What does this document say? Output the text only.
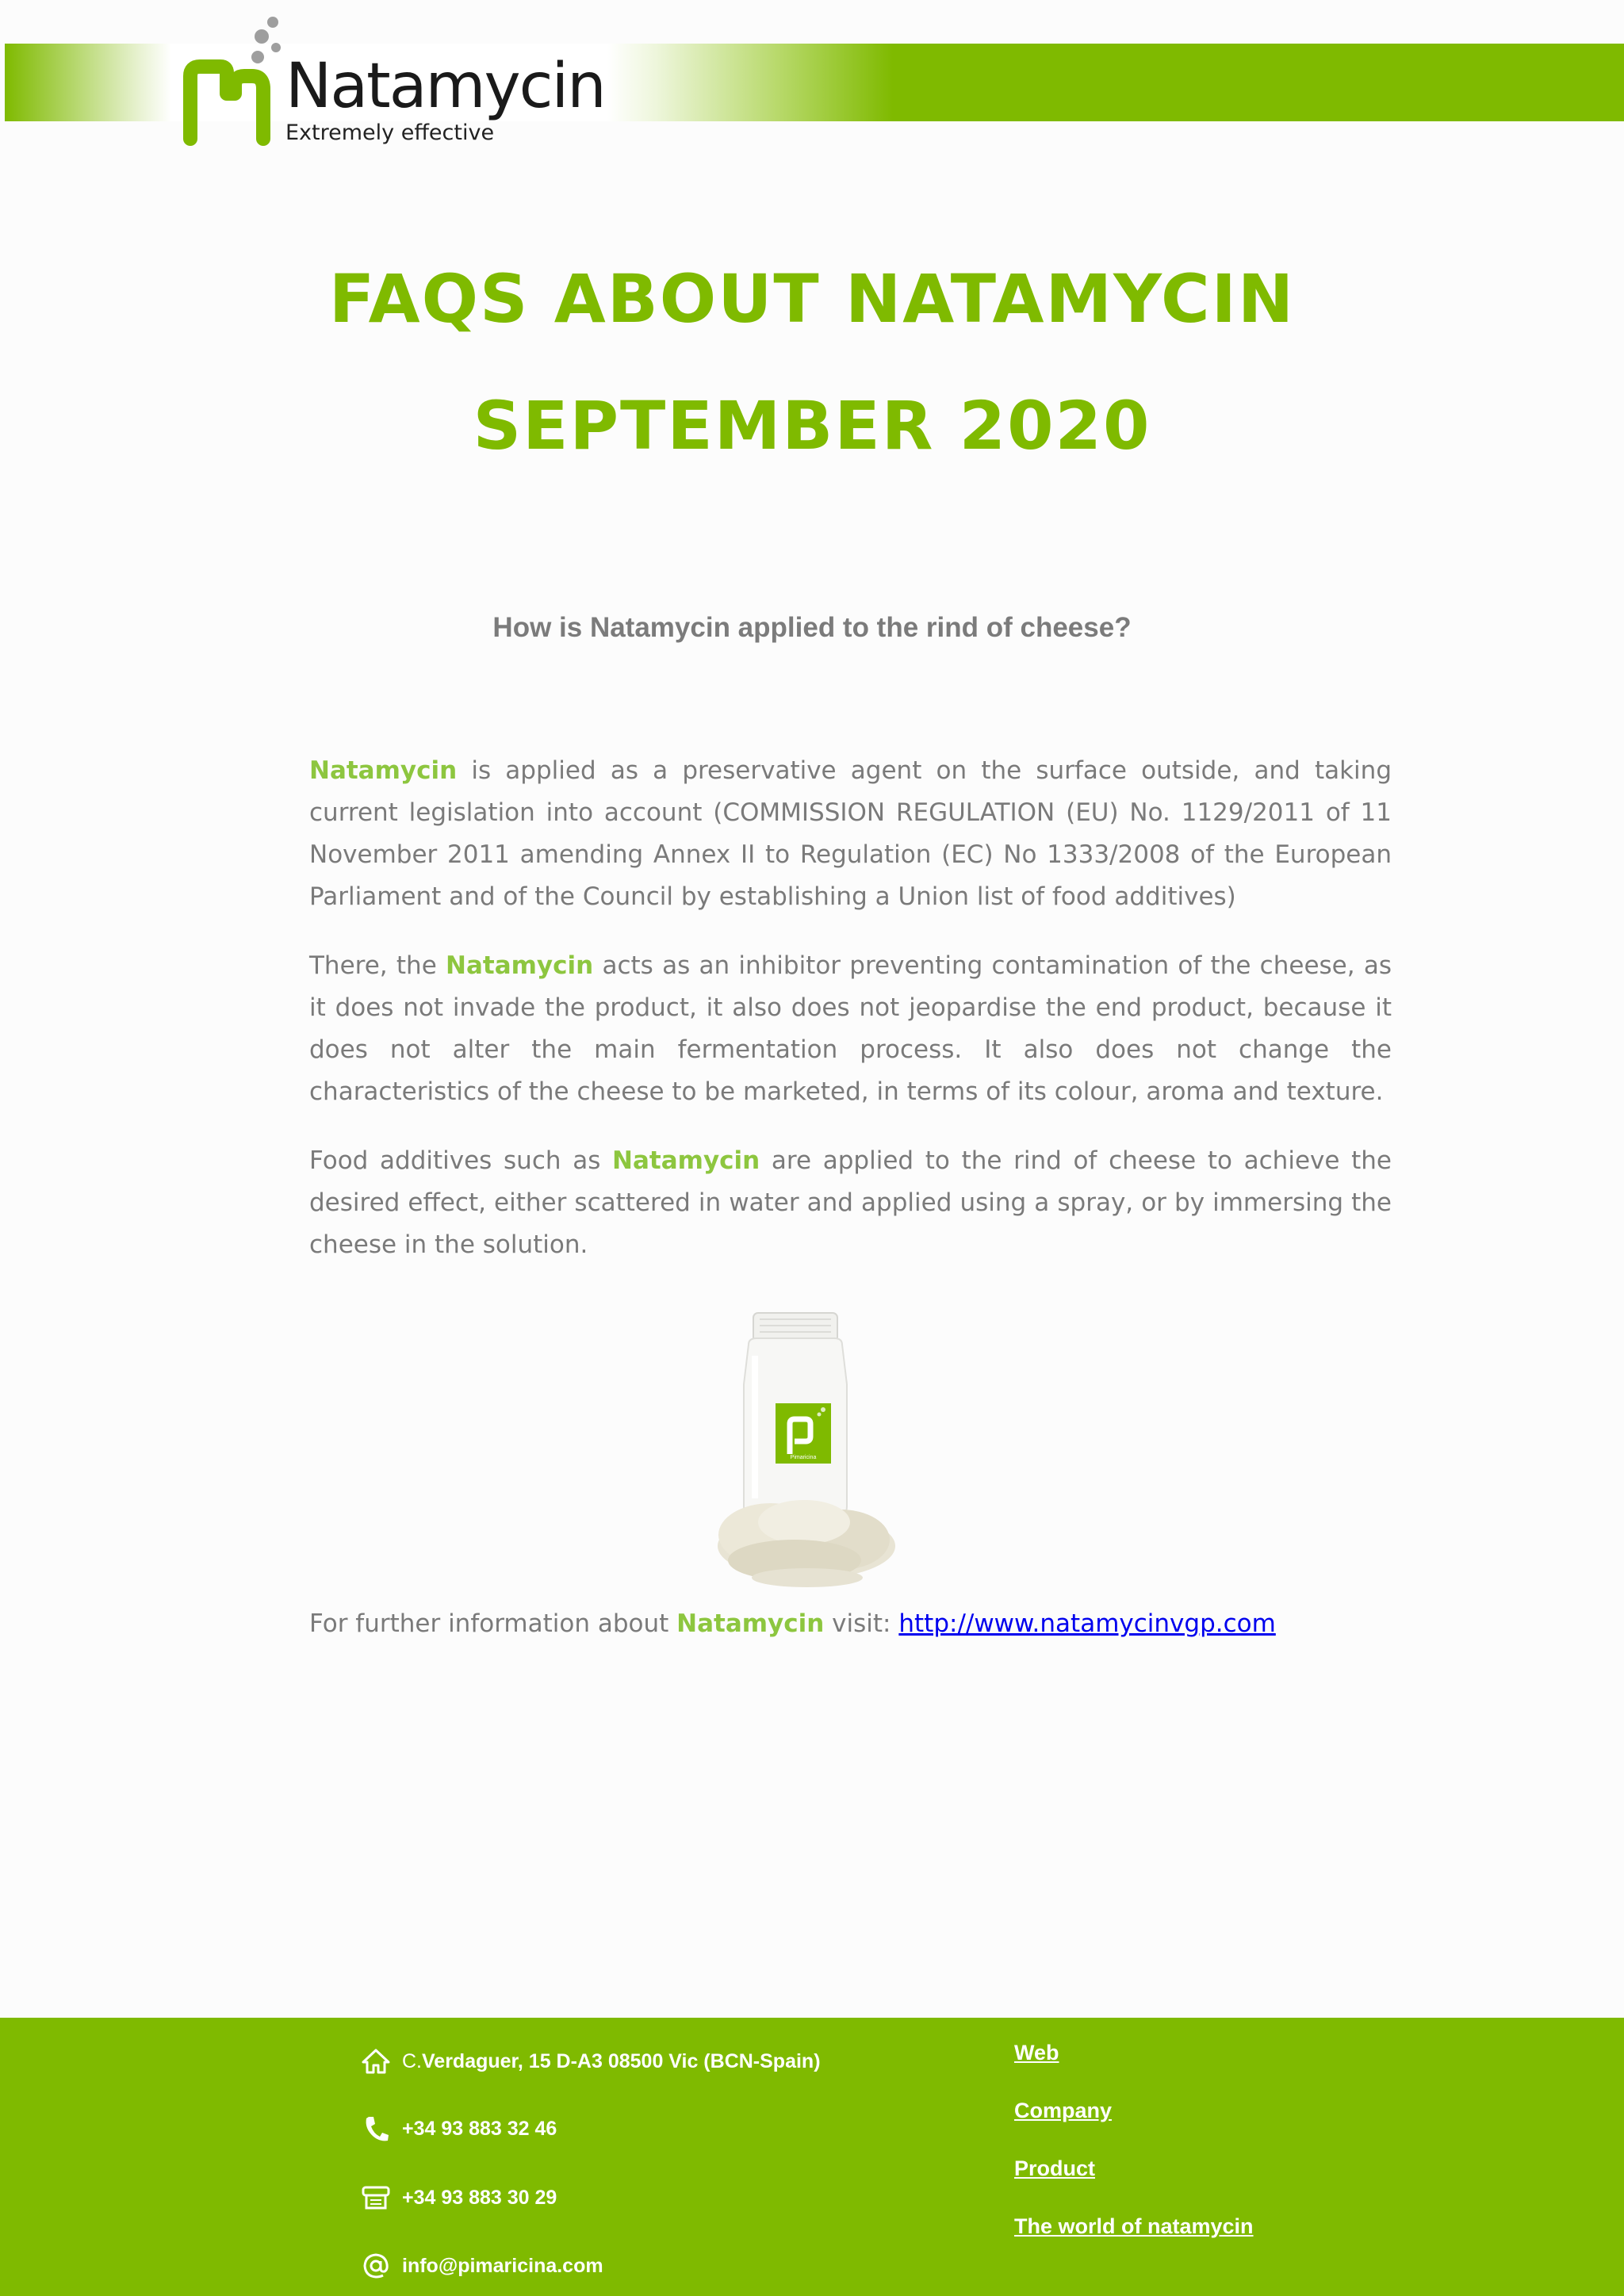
Natamycin
Extremely effective
FAQS ABOUT NATAMYCIN
SEPTEMBER 2020
How is Natamycin applied to the rind of cheese?

Natamycin is applied as a preservative agent on the surface outside, and taking current legislation into account (COMMISSION REGULATION (EU) No. 1129/2011 of 11 November 2011 amending Annex II to Regulation (EC) No 1333/2008 of the European Parliament and of the Council by establishing a Union list of food additives)

There, the Natamycin acts as an inhibitor preventing contamination of the cheese, as it does not invade the product, it also does not jeopardise the end product, because it does not alter the main fermentation process. It also does not change the characteristics of the cheese to be marketed, in terms of its colour, aroma and texture.

Food additives such as Natamycin are applied to the rind of cheese to achieve the desired effect, either scattered in water and applied using a spray, or by immersing the cheese in the solution.

Pimaricina
For further information about Natamycin visit: http://www.natamycinvgp.com
C.Verdaguer, 15 D-A3 08500 Vic (BCN-Spain)
+34 93 883 32 46
+34 93 883 30 29
info@pimaricina.com
Web
Company
Product
The world of natamycin
